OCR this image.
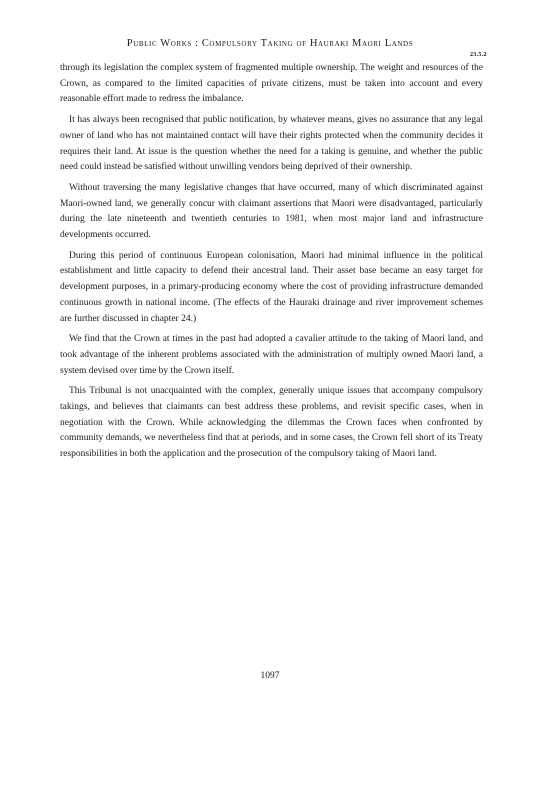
Public Works : Compulsory Taking of Hauraki Maori Lands
23.5.2

through its legislation the complex system of fragmented multiple ownership. The weight and resources of the Crown, as compared to the limited capacities of private citizens, must be taken into account and every reasonable effort made to redress the imbalance.

It has always been recognised that public notification, by whatever means, gives no assurance that any legal owner of land who has not maintained contact will have their rights protected when the community decides it requires their land. At issue is the question whether the need for a taking is genuine, and whether the public need could instead be satisfied without unwilling vendors being deprived of their ownership.

Without traversing the many legislative changes that have occurred, many of which discriminated against Maori-owned land, we generally concur with claimant assertions that Maori were disadvantaged, particularly during the late nineteenth and twentieth centuries to 1981, when most major land and infrastructure developments occurred.

During this period of continuous European colonisation, Maori had minimal influence in the political establishment and little capacity to defend their ancestral land. Their asset base became an easy target for development purposes, in a primary-producing economy where the cost of providing infrastructure demanded continuous growth in national income. (The effects of the Hauraki drainage and river improvement schemes are further discussed in chapter 24.)

We find that the Crown at times in the past had adopted a cavalier attitude to the taking of Maori land, and took advantage of the inherent problems associated with the administration of multiply owned Maori land, a system devised over time by the Crown itself.

This Tribunal is not unacquainted with the complex, generally unique issues that accompany compulsory takings, and believes that claimants can best address these problems, and revisit specific cases, when in negotiation with the Crown. While acknowledging the dilemmas the Crown faces when confronted by community demands, we nevertheless find that at periods, and in some cases, the Crown fell short of its Treaty responsibilities in both the application and the prosecution of the compulsory taking of Maori land.

1097
